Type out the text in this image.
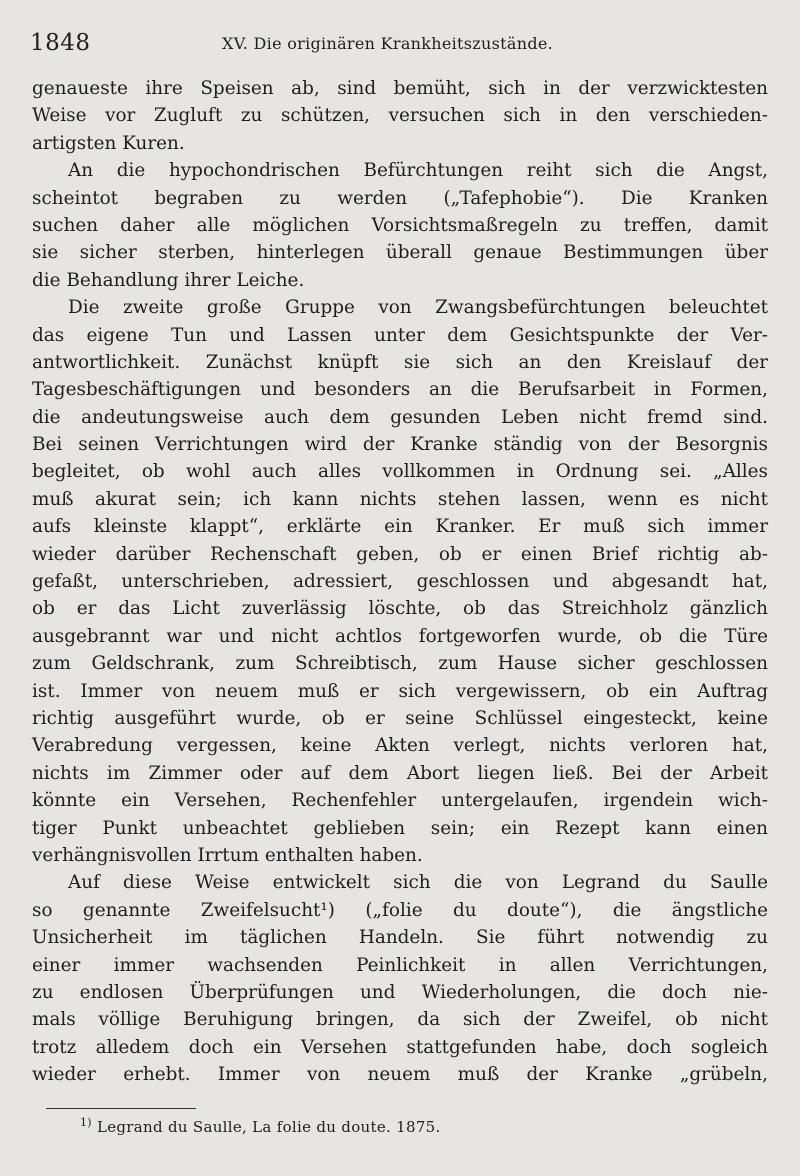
1848	XV. Die originären Krankheitszustände.
genaueste ihre Speisen ab, sind bemüht, sich in der verzwicktesten
Weise vor Zugluft zu schützen, versuchen sich in den verschieden-
artigsten Kuren.
An die hypochondrischen Befürchtungen reiht sich die Angst,
scheintot begraben zu werden („Tafephobie“). Die Kranken
suchen daher alle möglichen Vorsichtsmaßregeln zu treffen, damit
sie sicher sterben, hinterlegen überall genaue Bestimmungen über
die Behandlung ihrer Leiche.
Die zweite große Gruppe von Zwangsbefürchtungen beleuchtet
das eigene Tun und Lassen unter dem Gesichtspunkte der Ver-
antwortlichkeit. Zunächst knüpft sie sich an den Kreislauf der
Tagesbeschäftigungen und besonders an die Berufsarbeit in Formen,
die andeutungsweise auch dem gesunden Leben nicht fremd sind.
Bei seinen Verrichtungen wird der Kranke ständig von der Besorgnis
begleitet, ob wohl auch alles vollkommen in Ordnung sei. „Alles
muß akurat sein; ich kann nichts stehen lassen, wenn es nicht
aufs kleinste klappt“, erklärte ein Kranker. Er muß sich immer
wieder darüber Rechenschaft geben, ob er einen Brief richtig ab-
gefaßt, unterschrieben, adressiert, geschlossen und abgesandt hat,
ob er das Licht zuverlässig löschte, ob das Streichholz gänzlich
ausgebrannt war und nicht achtlos fortgeworfen wurde, ob die Türe
zum Geldschrank, zum Schreibtisch, zum Hause sicher geschlossen
ist. Immer von neuem muß er sich vergewissern, ob ein Auftrag
richtig ausgeführt wurde, ob er seine Schlüssel eingesteckt, keine
Verabredung vergessen, keine Akten verlegt, nichts verloren hat,
nichts im Zimmer oder auf dem Abort liegen ließ. Bei der Arbeit
könnte ein Versehen, Rechenfehler untergelaufen, irgendein wich-
tiger Punkt unbeachtet geblieben sein; ein Rezept kann einen
verhängnisvollen Irrtum enthalten haben.
Auf diese Weise entwickelt sich die von Legrand du Saulle
so genannte Zweifelsucht¹) („folie du doute“), die ängstliche
Unsicherheit im täglichen Handeln. Sie führt notwendig zu
einer immer wachsenden Peinlichkeit in allen Verrichtungen,
zu endlosen Überprüfungen und Wiederholungen, die doch nie-
mals völlige Beruhigung bringen, da sich der Zweifel, ob nicht
trotz alledem doch ein Versehen stattgefunden habe, doch sogleich
wieder erhebt. Immer von neuem muß der Kranke „grübeln,
$^{1)}$ Legrand du Saulle, La folie du doute. 1875.
